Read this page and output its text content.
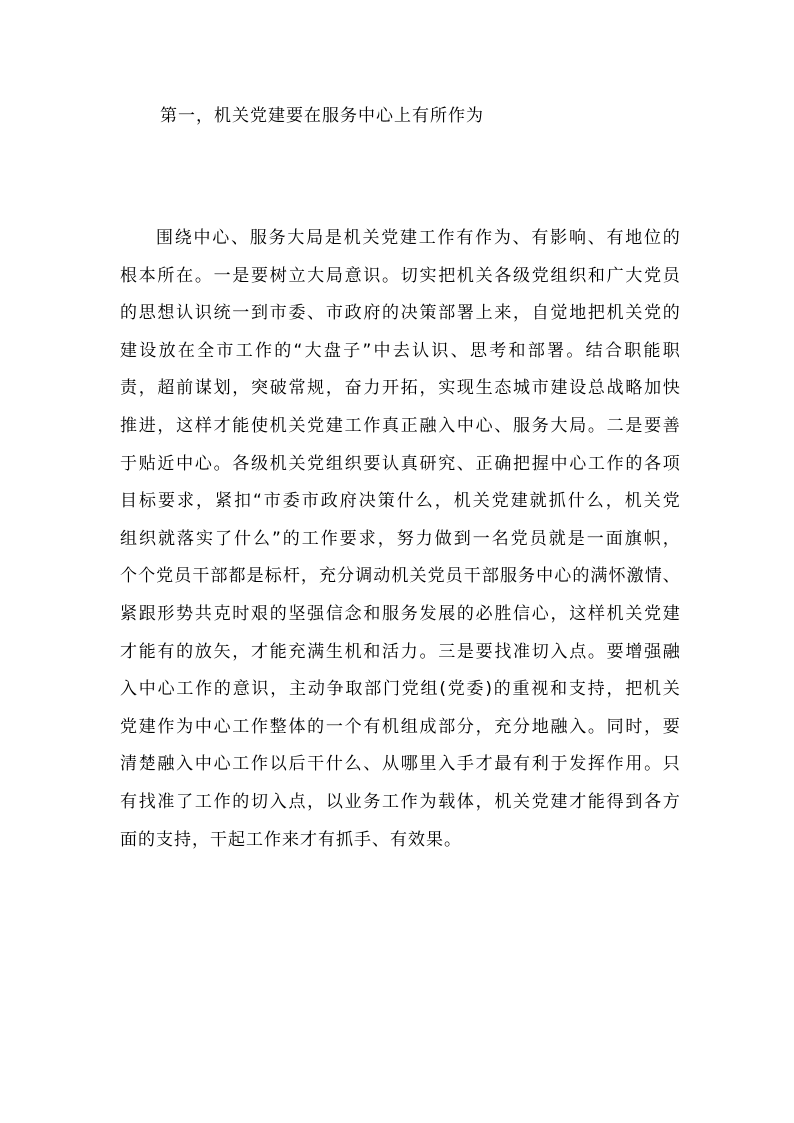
第一，机关党建要在服务中心上有所作为
围绕中心、服务大局是机关党建工作有作为、有影响、有地位的
根本所在。一是要树立大局意识。切实把机关各级党组织和广大党员
的思想认识统一到市委、市政府的决策部署上来，自觉地把机关党的
建设放在全市工作的“大盘子”中去认识、思考和部署。结合职能职
责，超前谋划，突破常规，奋力开拓，实现生态城市建设总战略加快
推进，这样才能使机关党建工作真正融入中心、服务大局。二是要善
于贴近中心。各级机关党组织要认真研究、正确把握中心工作的各项
目标要求，紧扣“市委市政府决策什么，机关党建就抓什么，机关党
组织就落实了什么”的工作要求，努力做到一名党员就是一面旗帜，
个个党员干部都是标杆，充分调动机关党员干部服务中心的满怀激情、
紧跟形势共克时艰的坚强信念和服务发展的必胜信心，这样机关党建
才能有的放矢，才能充满生机和活力。三是要找准切入点。要增强融
入中心工作的意识，主动争取部门党组(党委)的重视和支持，把机关
党建作为中心工作整体的一个有机组成部分，充分地融入。同时，要
清楚融入中心工作以后干什么、从哪里入手才最有利于发挥作用。只
有找准了工作的切入点，以业务工作为载体，机关党建才能得到各方
面的支持，干起工作来才有抓手、有效果。
